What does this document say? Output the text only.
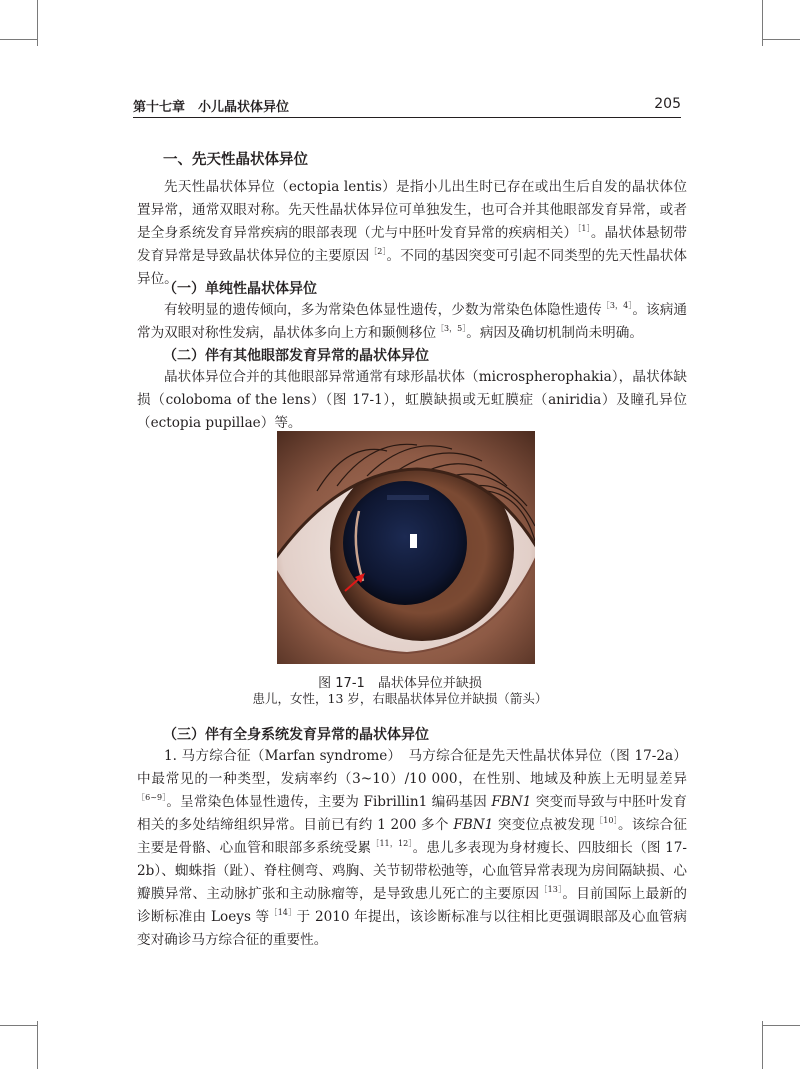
第十七章　小儿晶状体异位	205
一、先天性晶状体异位
先天性晶状体异位（ectopia lentis）是指小儿出生时已存在或出生后自发的晶状体位置异常，通常双眼对称。先天性晶状体异位可单独发生，也可合并其他眼部发育异常，或者是全身系统发育异常疾病的眼部表现（尤与中胚叶发育异常的疾病相关）$^{[1]}$。晶状体悬韧带发育异常是导致晶状体异位的主要原因$^{[2]}$。不同的基因突变可引起不同类型的先天性晶状体异位。
（一）单纯性晶状体异位
有较明显的遗传倾向，多为常染色体显性遗传，少数为常染色体隐性遗传$^{[3,4]}$。该病通常为双眼对称性发病，晶状体多向上方和颞侧移位$^{[3,5]}$。病因及确切机制尚未明确。
（二）伴有其他眼部发育异常的晶状体异位
晶状体异位合并的其他眼部异常通常有球形晶状体（microspherophakia），晶状体缺损（coloboma of the lens）（图 17-1），虹膜缺损或无虹膜症（aniridia）及瞳孔异位（ectopia pupillae）等。
图 17-1　 晶状体异位并缺损
患儿，女性，13 岁，右眼晶状体异位并缺损（箭头）
（三）伴有全身系统发育异常的晶状体异位
1. 马方综合征（Marfan syndrome）　马方综合征是先天性晶状体异位（图 17-2a）中最常见的一种类型，发病率约（3~10）/10 000，在性别、地域及种族上无明显差异$^{[6\sim 9]}$。呈常染色体显性遗传，主要为 Fibrillin1 编码基因 FBN1 突变而导致与中胚叶发育相关的多处结缔组织异常。目前已有约 1 200 多个 FBN1 突变位点被发现$^{[10]}$。该综合征主要是骨骼、心血管和眼部多系统受累$^{[11,12]}$。患儿多表现为身材瘦长、四肢细长（图 17-2b）、蜘蛛指（趾）、脊柱侧弯、鸡胸、关节韧带松弛等，心血管异常表现为房间隔缺损、心瓣膜异常、主动脉扩张和主动脉瘤等，是导致患儿死亡的主要原因$^{[13]}$。目前国际上最新的诊断标准由 Loeys 等$^{[14]}$于 2010 年提出，该诊断标准与以往相比更强调眼部及心血管病变对确诊马方综合征的重要性。
